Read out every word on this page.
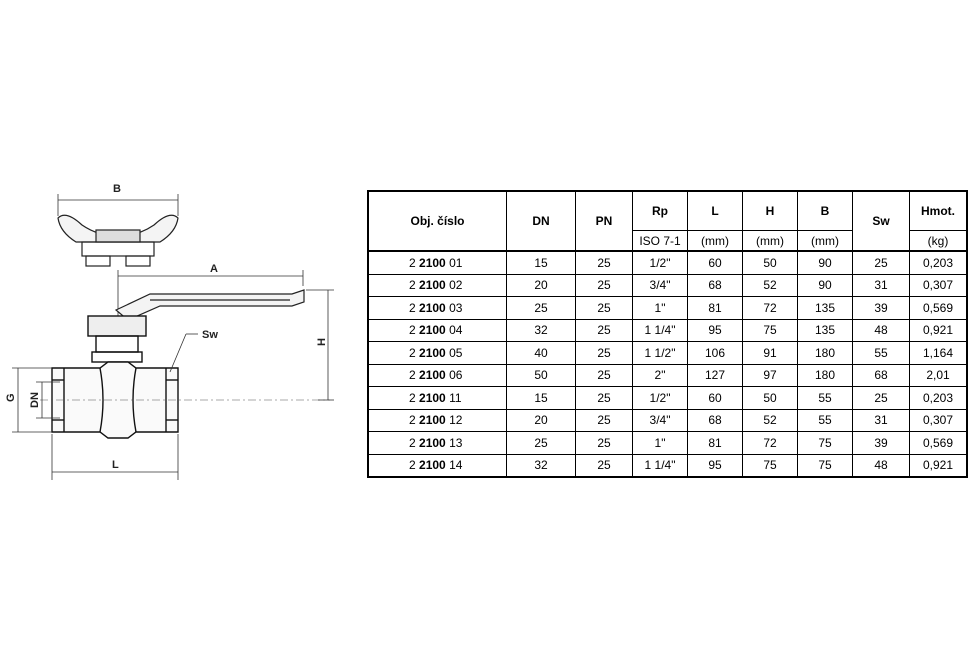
B
A
Sw
H
G DN
L
Obj. číslo	DN	PN	Rp	L	H	B	Sw	Hmot.
			ISO 7-1	(mm)	(mm)	(mm)		(kg)
2 2100 01	15	25	1/2"	60	50	90	25	0,203
2 2100 02	20	25	3/4"	68	52	90	31	0,307
2 2100 03	25	25	1"	81	72	135	39	0,569
2 2100 04	32	25	1 1/4"	95	75	135	48	0,921
2 2100 05	40	25	1 1/2"	106	91	180	55	1,164
2 2100 06	50	25	2"	127	97	180	68	2,01
2 2100 11	15	25	1/2"	60	50	55	25	0,203
2 2100 12	20	25	3/4"	68	52	55	31	0,307
2 2100 13	25	25	1"	81	72	75	39	0,569
2 2100 14	32	25	1 1/4"	95	75	75	48	0,921
